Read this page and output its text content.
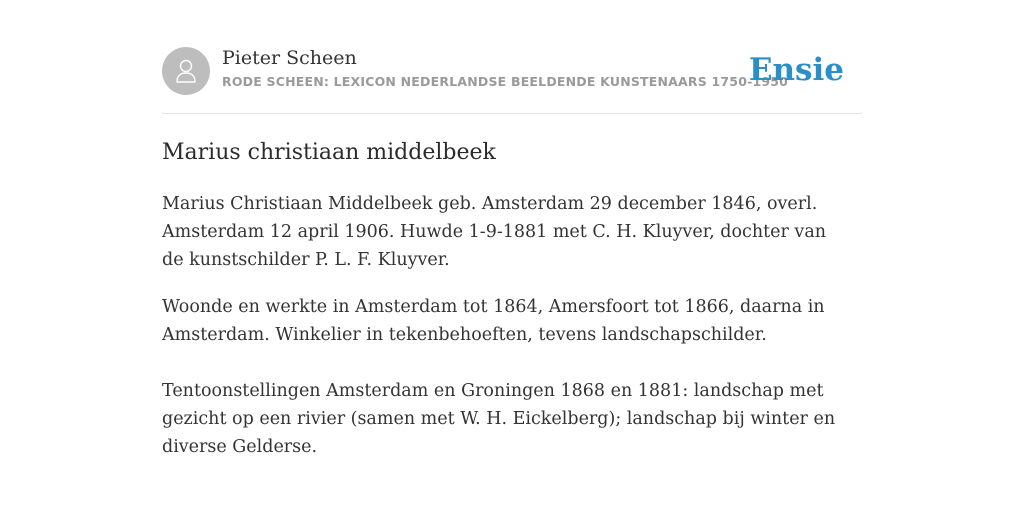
Pieter Scheen
RODE SCHEEN: LEXICON NEDERLANDSE BEELDENDE KUNSTENAARS 1750-1950
Ensie
Marius christiaan middelbeek

Marius Christiaan Middelbeek geb. Amsterdam 29 december 1846, overl. Amsterdam 12 april 1906. Huwde 1-9-1881 met C. H. Kluyver, dochter van de kunstschilder P. L. F. Kluyver.

Woonde en werkte in Amsterdam tot 1864, Amersfoort tot 1866, daarna in Amsterdam. Winkelier in tekenbehoeften, tevens landschapschilder.

Tentoonstellingen Amsterdam en Groningen 1868 en 1881: landschap met gezicht op een rivier (samen met W. H. Eickelberg); landschap bij winter en diverse Gelderse.
